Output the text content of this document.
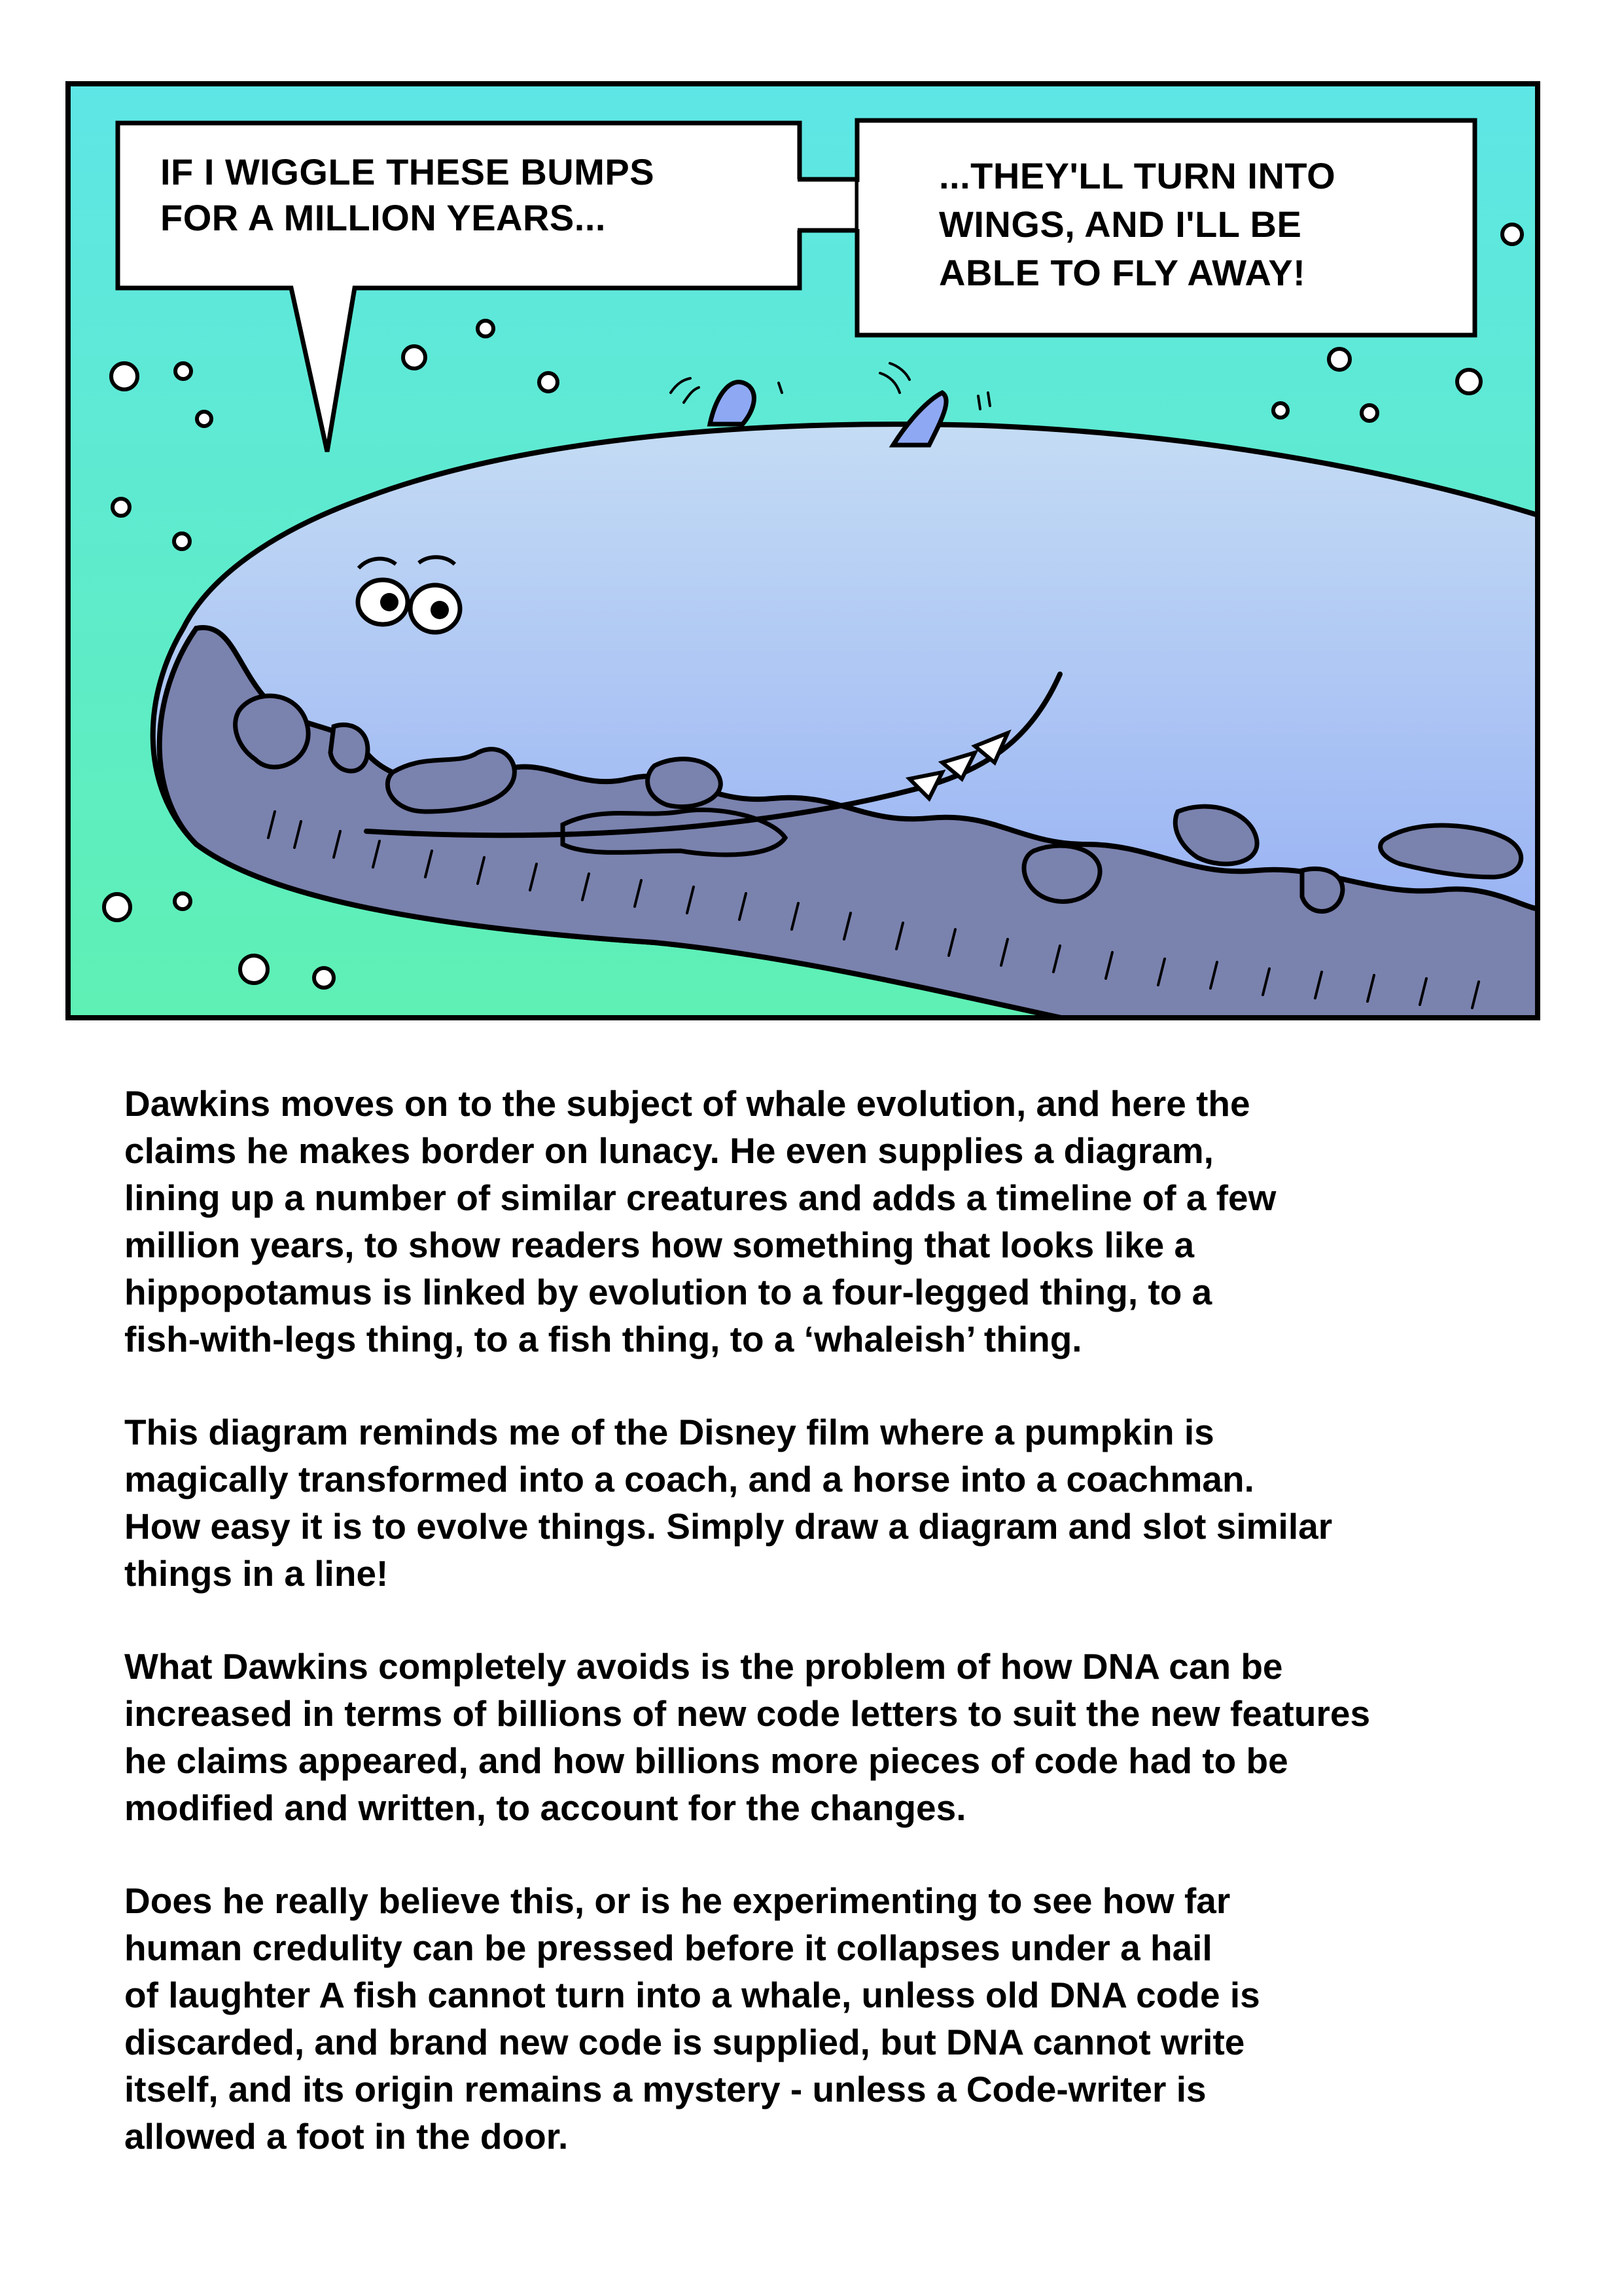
IF I WIGGLE THESE BUMPS
FOR A MILLION YEARS...
...THEY'LL TURN INTO
WINGS, AND I'LL BE
ABLE TO FLY AWAY!

Dawkins moves on to the subject of whale evolution, and here the
claims he makes border on lunacy. He even supplies a diagram,
lining up a number of similar creatures and adds a timeline of a few
million years, to show readers how something that looks like a
hippopotamus is linked by evolution to a four-legged thing, to a
fish-with-legs thing, to a fish thing, to a ‘whaleish’ thing.

This diagram reminds me of the Disney film where a pumpkin is
magically transformed into a coach, and a horse into a coachman.
How easy it is to evolve things. Simply draw a diagram and slot similar
things in a line!

What Dawkins completely avoids is the problem of how DNA can be
increased in terms of billions of new code letters to suit the new features
he claims appeared, and how billions more pieces of code had to be
modified and written, to account for the changes.

Does he really believe this, or is he experimenting to see how far
human credulity can be pressed before it collapses under a hail
of laughter A fish cannot turn into a whale, unless old DNA code is
discarded, and brand new code is supplied, but DNA cannot write
itself, and its origin remains a mystery - unless a Code-writer is
allowed a foot in the door.
